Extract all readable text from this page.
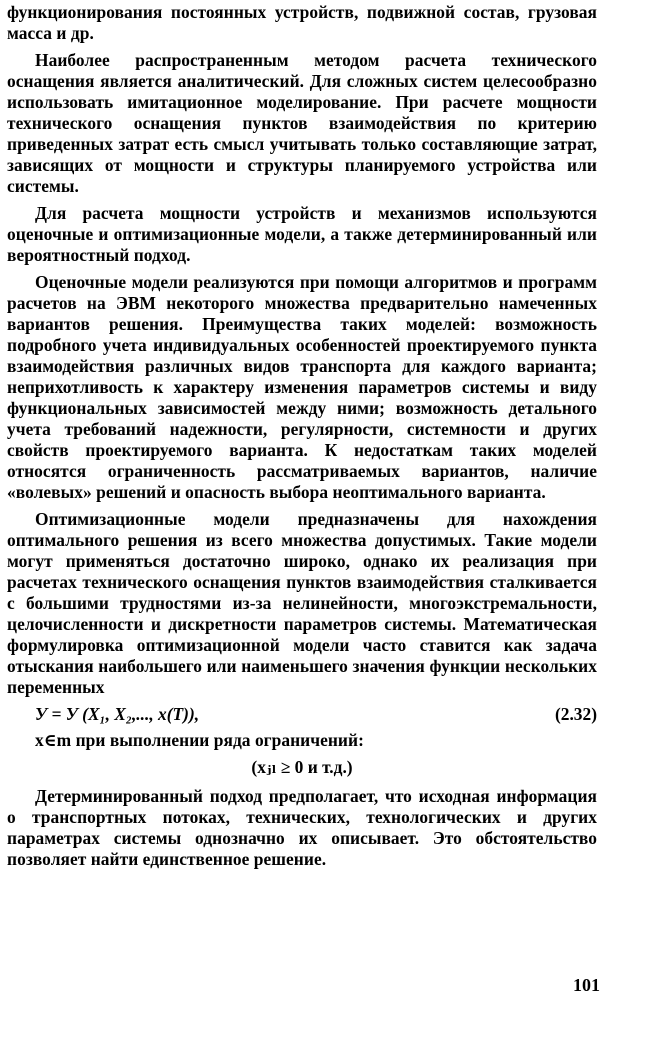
функционирования постоянных устройств, подвижной состав, грузовая масса и др.

Наиболее распространенным методом расчета технического оснащения является аналитический. Для сложных систем целесообразно использовать имитационное моделирование. При расчете мощности технического оснащения пунктов взаимодействия по критерию приведенных затрат есть смысл учитывать только составляющие затрат, зависящих от мощности и структуры планируемого устройства или системы.

Для расчета мощности устройств и механизмов используются оценочные и оптимизационные модели, а также детерминированный или вероятностный подход.

Оценочные модели реализуются при помощи алгоритмов и программ расчетов на ЭВМ некоторого множества предварительно намеченных вариантов решения. Преимущества таких моделей: возможность подробного учета индивидуальных особенностей проектируемого пункта взаимодействия различных видов транспорта для каждого варианта; неприхотливость к характеру изменения параметров системы и виду функциональных зависимостей между ними; возможность детального учета требований надежности, регулярности, системности и других свойств проектируемого варианта. К недостаткам таких моделей относятся ограниченность рассматриваемых вариантов, наличие «волевых» решений и опасность выбора неоптимального варианта.

Оптимизационные модели предназначены для нахождения оптимального решения из всего множества допустимых. Такие модели могут применяться достаточно широко, однако их реализация при расчетах технического оснащения пунктов взаимодействия сталкивается с большими трудностями из-за нелинейности, многоэкстремальности, целочисленности и дискретности параметров системы. Математическая формулировка оптимизационной модели часто ставится как задача отыскания наибольшего или наименьшего значения функции нескольких переменных

У = У (X₁, X₂,..., x(T)),	(2.32)

x∈m при выполнении ряда ограничений:

(xⱼₗ ≥ 0 и т.д.)

Детерминированный подход предполагает, что исходная информация о транспортных потоках, технических, технологических и других параметрах системы однозначно их описывает. Это обстоятельство позволяет найти единственное решение.

101
